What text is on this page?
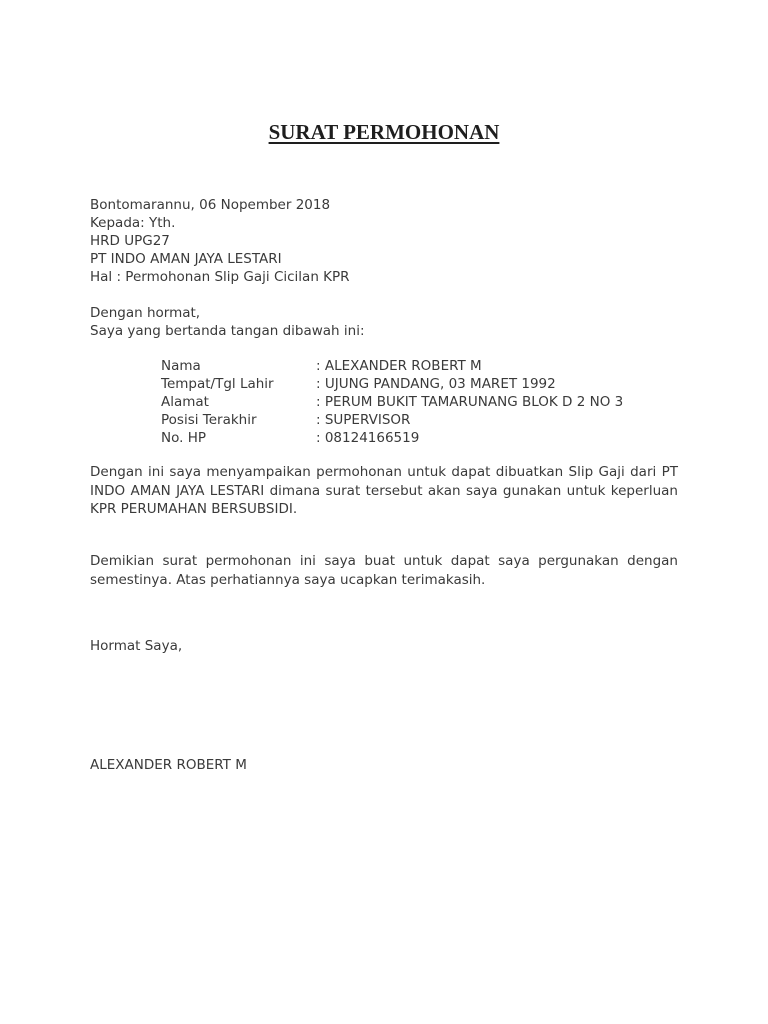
SURAT PERMOHONAN
Bontomarannu, 06 Nopember 2018
Kepada: Yth.
HRD UPG27
PT INDO AMAN JAYA LESTARI
Hal : Permohonan Slip Gaji Cicilan KPR
Dengan hormat,
Saya yang bertanda tangan dibawah ini:
Nama	: ALEXANDER ROBERT M
Tempat/Tgl Lahir	: UJUNG PANDANG, 03 MARET 1992
Alamat	: PERUM BUKIT TAMARUNANG BLOK D 2 NO 3
Posisi Terakhir	: SUPERVISOR
No. HP	: 08124166519
Dengan ini saya menyampaikan permohonan untuk dapat dibuatkan Slip Gaji dari PT INDO AMAN JAYA LESTARI dimana surat tersebut akan saya gunakan untuk keperluan KPR PERUMAHAN BERSUBSIDI.
Demikian surat permohonan ini saya buat untuk dapat saya pergunakan dengan semestinya. Atas perhatiannya saya ucapkan terimakasih.
Hormat Saya,
ALEXANDER ROBERT M
